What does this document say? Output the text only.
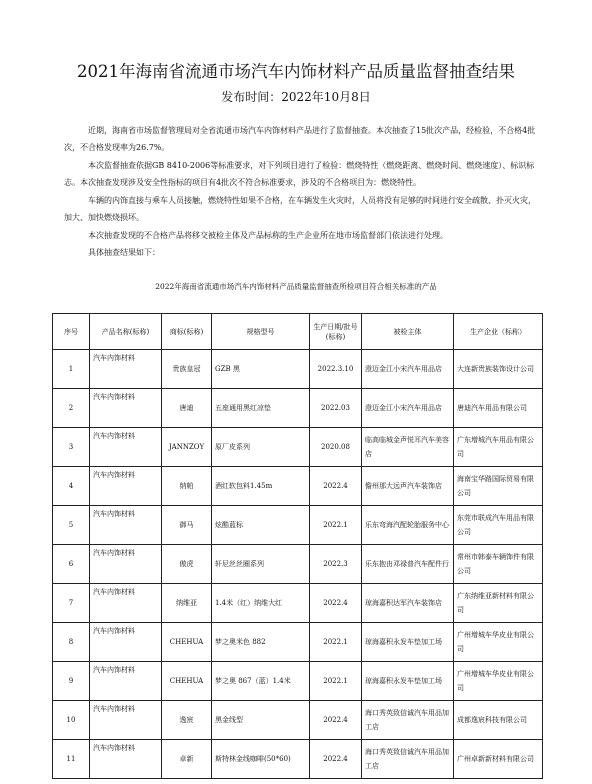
2021年海南省流通市场汽车内饰材料产品质量监督抽查结果
发布时间：2022年10月8日

近期，海南省市场监督管理局对全省流通市场汽车内饰材料产品进行了监督抽查。本次抽查了15批次产品，经检验，不合格4批次，不合格发现率为26.7%。

本次监督抽查依据GB 8410-2006等标准要求，对下列项目进行了检验：燃烧特性（燃烧距离、燃烧时间、燃烧速度）、标识标志。本次抽查发现涉及安全性指标的项目有4批次不符合标准要求，涉及的不合格项目为：燃烧特性。

车辆的内饰直接与乘车人员接触，燃烧特性如果不合格，在车辆发生火灾时，人员将没有足够的时间进行安全疏散、扑灭火灾，加大、加快燃烧损坏。

本次抽查发现的不合格产品将移交被检主体及产品标称的生产企业所在地市场监督部门依法进行处理。

具体抽查结果如下：

2022年海南省流通市场汽车内饰材料产品质量监督抽查所检项目符合相关标准的产品
序号	产品名称(标称)	商标(标称)	规格型号	生产日期/批号(标称)	被检主体	生产企业（标称）
1	汽车内饰材料	贵族皇冠	GZB 黑	2022.3.10	澄迈金江小宋汽车用品店	大连新贵族装饰设计公司
2	汽车内饰材料	唐迪	五座通用黑红凉垫	2022.03	澄迈金江小宋汽车用品店	唐迪汽车用品有限公司
3	汽车内饰材料	JANNZOY	原厂皮系列	2020.08	临高临城金声悦耳汽车美容店	广东增城汽车用品有限公司
4	汽车内饰材料	纳帕	酒红软包料1.45m	2022.4	儋州那大远声汽车装饰店	海南宝华路国际贸易有限公司
5	汽车内饰材料	御马	炫酷蓝标	2022.1	乐东弯海汽配轮胎服务中心	东莞市联成汽车用品有限公司
6	汽车内饰材料	傲虎	轩尼丝丝圈系列	2022.3	乐东抱由邓禄普汽车配件行	常州市韩泰车辆饰件有限公司
7	汽车内饰材料	纳维亚	1.4米（红）纳维大红	2022.4	琼海嘉积达军汽车装饰店	广东纳维亚新材料有限公司
8	汽车内饰材料	CHEHUA	梦之奥米色 882	2022.1	琼海嘉积永发车垫加工场	广州增城车华皮业有限公司
9	汽车内饰材料	CHEHUA	梦之奥 867（蓝）1.4米	2022.1	琼海嘉积永发车垫加工场	广州增城车华皮业有限公司
10	汽车内饰材料	逸宸	黑金线型	2022.4	海口秀英致信诚汽车用品加工店	成都逸宸科技有限公司
11	汽车内饰材料	卓新	斯特林金线咖啡(50*60)	2022.4	海口秀英致信诚汽车用品加工店	广州卓新新材料有限公司
